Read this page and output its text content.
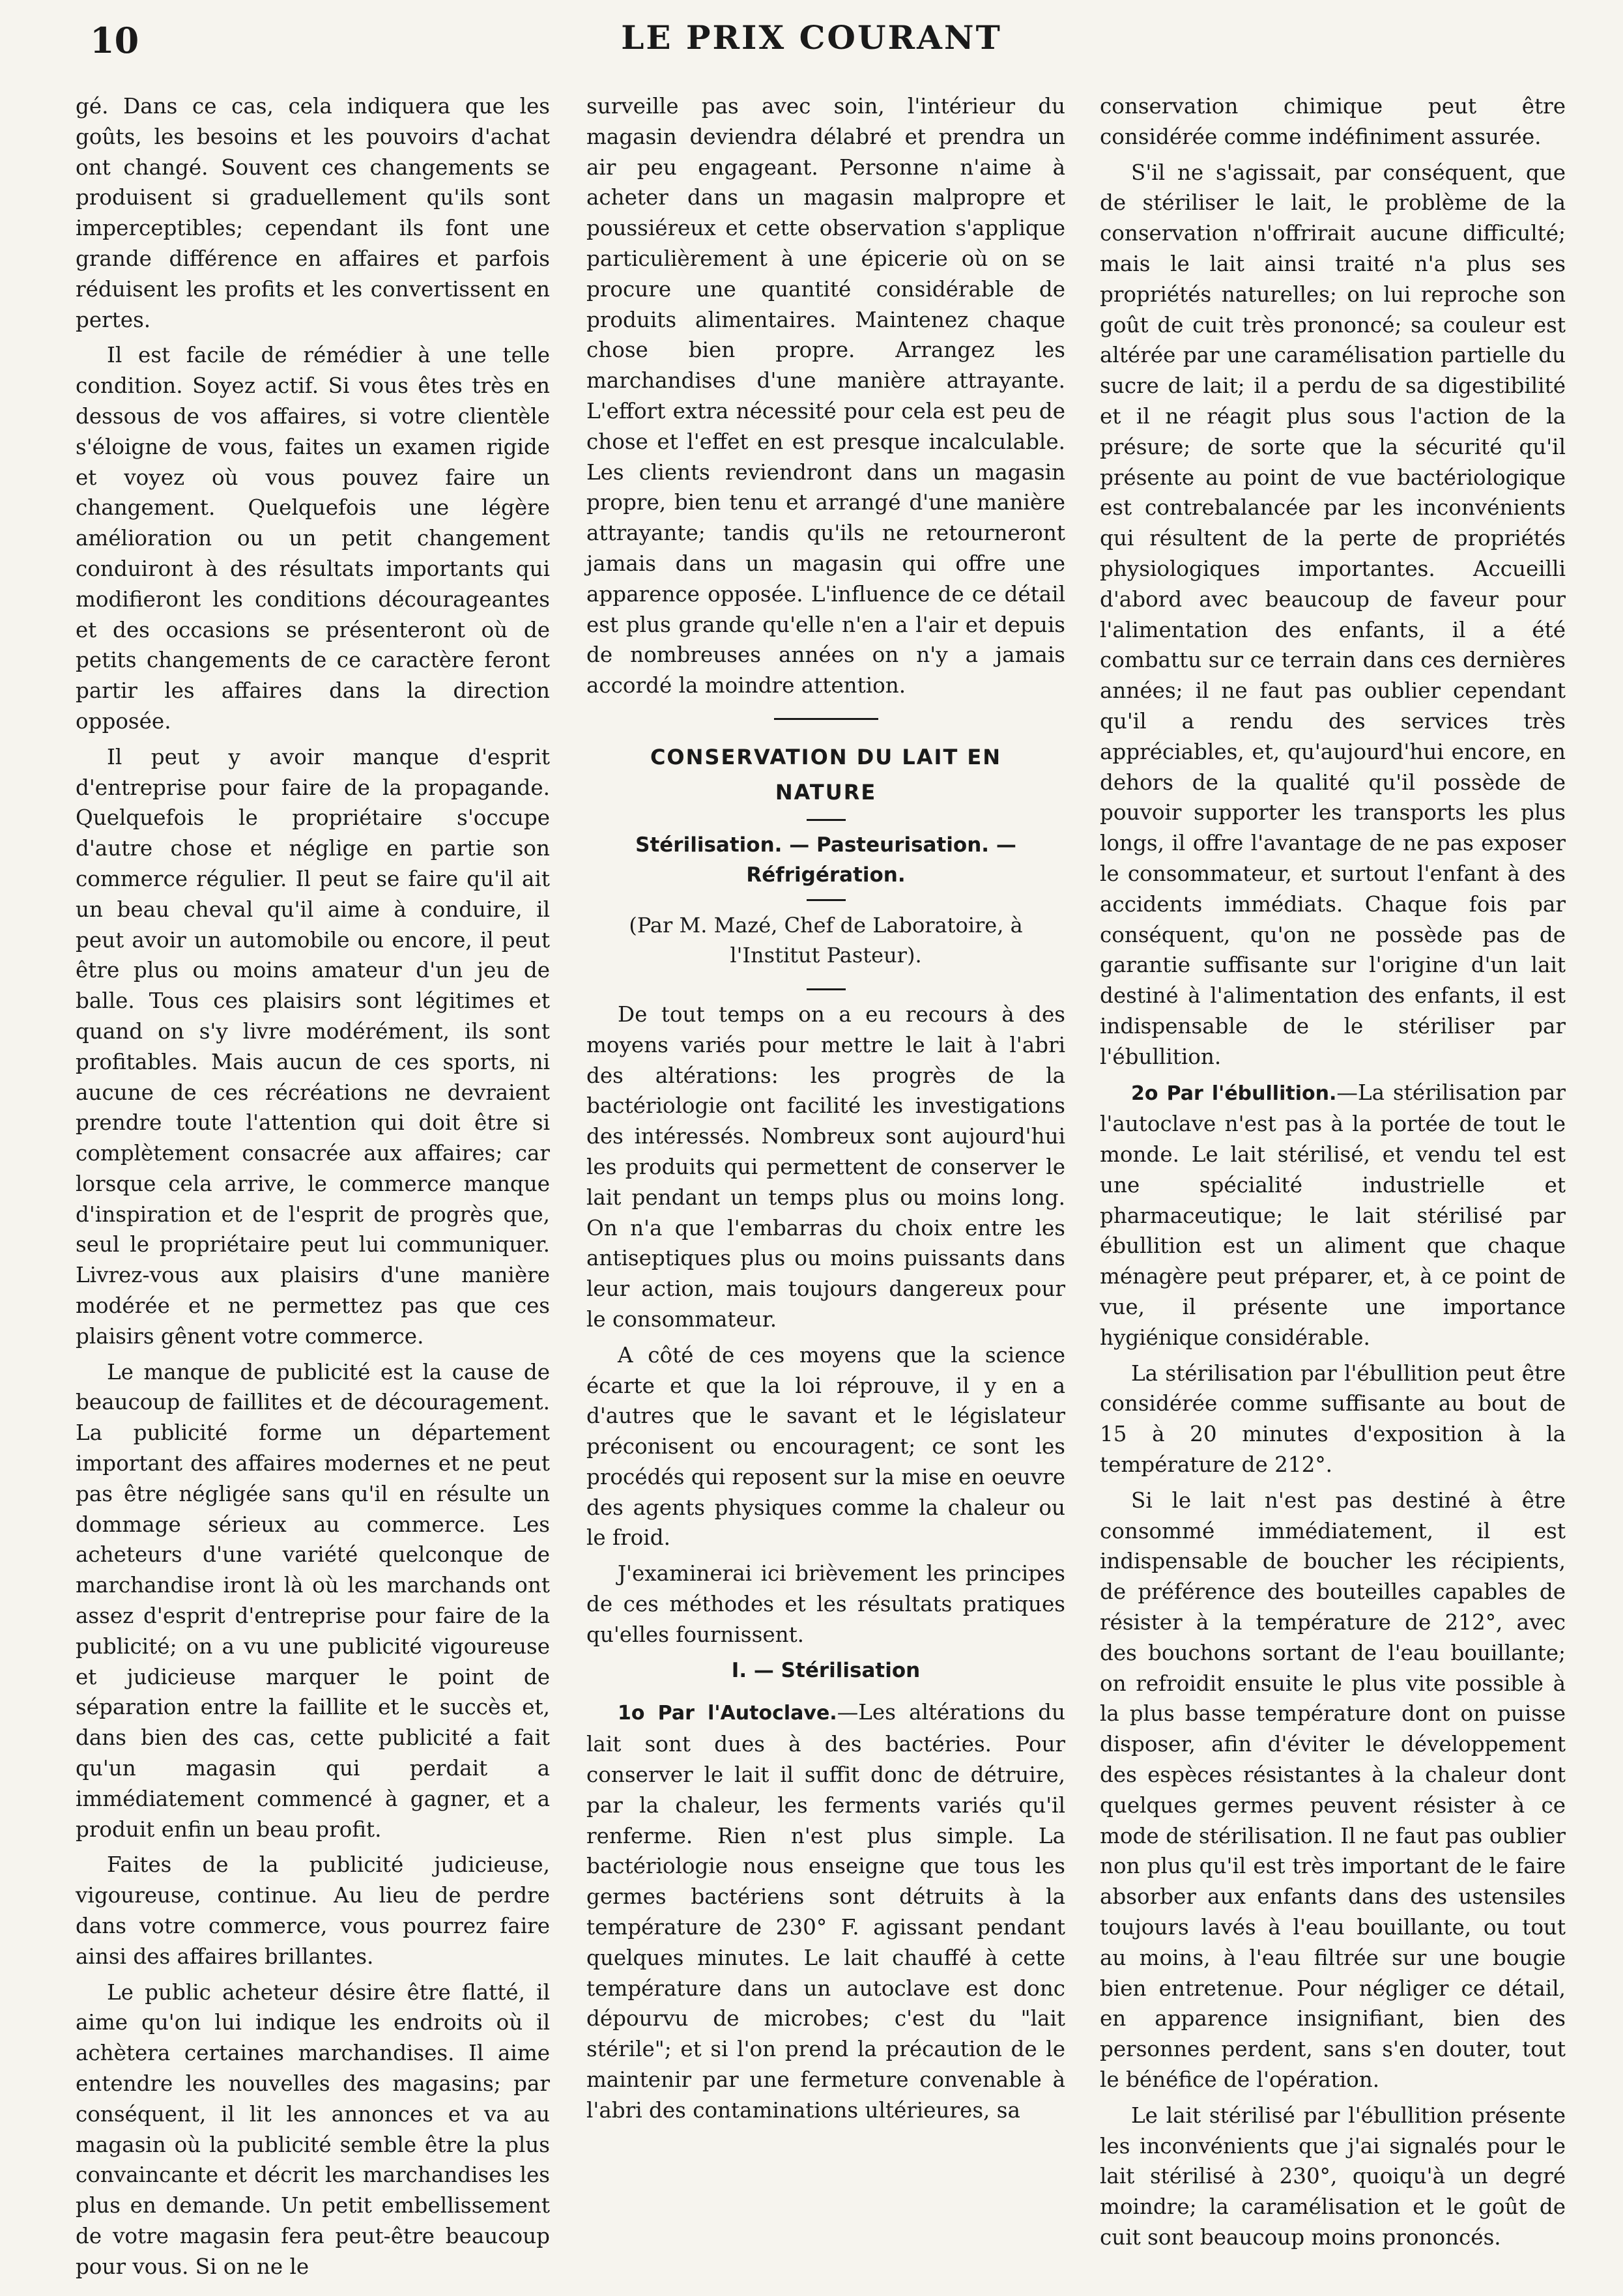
10	LE PRIX COURANT

gé. Dans ce cas, cela indiquera que les goûts, les besoins et les pouvoirs d'achat ont changé. Souvent ces changements se produisent si graduellement qu'ils sont imperceptibles; cependant ils font une grande différence en affaires et parfois réduisent les profits et les convertissent en pertes.

Il est facile de rémédier à une telle condition. Soyez actif. Si vous êtes très en dessous de vos affaires, si votre clientèle s'éloigne de vous, faites un examen rigide et voyez où vous pouvez faire un changement. Quelquefois une légère amélioration ou un petit changement conduiront à des résultats importants qui modifieront les conditions décourageantes et des occasions se présenteront où de petits changements de ce caractère feront partir les affaires dans la direction opposée.

Il peut y avoir manque d'esprit d'entreprise pour faire de la propagande. Quelquefois le propriétaire s'occupe d'autre chose et néglige en partie son commerce régulier. Il peut se faire qu'il ait un beau cheval qu'il aime à conduire, il peut avoir un automobile ou encore, il peut être plus ou moins amateur d'un jeu de balle. Tous ces plaisirs sont légitimes et quand on s'y livre modérément, ils sont profitables. Mais aucun de ces sports, ni aucune de ces récréations ne devraient prendre toute l'attention qui doit être si complètement consacrée aux affaires; car lorsque cela arrive, le commerce manque d'inspiration et de l'esprit de progrès que, seul le propriétaire peut lui communiquer. Livrez-vous aux plaisirs d'une manière modérée et ne permettez pas que ces plaisirs gênent votre commerce.

Le manque de publicité est la cause de beaucoup de faillites et de découragement. La publicité forme un département important des affaires modernes et ne peut pas être négligée sans qu'il en résulte un dommage sérieux au commerce. Les acheteurs d'une variété quelconque de marchandise iront là où les marchands ont assez d'esprit d'entreprise pour faire de la publicité; on a vu une publicité vigoureuse et judicieuse marquer le point de séparation entre la faillite et le succès et, dans bien des cas, cette publicité a fait qu'un magasin qui perdait a immédiatement commencé à gagner, et a produit enfin un beau profit.

Faites de la publicité judicieuse, vigoureuse, continue. Au lieu de perdre dans votre commerce, vous pourrez faire ainsi des affaires brillantes.

Le public acheteur désire être flatté, il aime qu'on lui indique les endroits où il achètera certaines marchandises. Il aime entendre les nouvelles des magasins; par conséquent, il lit les annonces et va au magasin où la publicité semble être la plus convaincante et décrit les marchandises les plus en demande. Un petit embellissement de votre magasin fera peut-être beaucoup pour vous. Si on ne le

surveille pas avec soin, l'intérieur du magasin deviendra délabré et prendra un air peu engageant. Personne n'aime à acheter dans un magasin malpropre et poussiéreux et cette observation s'applique particulièrement à une épicerie où on se procure une quantité considérable de produits alimentaires. Maintenez chaque chose bien propre. Arrangez les marchandises d'une manière attrayante. L'effort extra nécessité pour cela est peu de chose et l'effet en est presque incalculable. Les clients reviendront dans un magasin propre, bien tenu et arrangé d'une manière attrayante; tandis qu'ils ne retourneront jamais dans un magasin qui offre une apparence opposée. L'influence de ce détail est plus grande qu'elle n'en a l'air et depuis de nombreuses années on n'y a jamais accordé la moindre attention.

CONSERVATION DU LAIT EN NATURE
Stérilisation. — Pasteurisation. — Réfrigération.
(Par M. Mazé, Chef de Laboratoire, à l'Institut Pasteur).

De tout temps on a eu recours à des moyens variés pour mettre le lait à l'abri des altérations: les progrès de la bactériologie ont facilité les investigations des intéressés. Nombreux sont aujourd'hui les produits qui permettent de conserver le lait pendant un temps plus ou moins long. On n'a que l'embarras du choix entre les antiseptiques plus ou moins puissants dans leur action, mais toujours dangereux pour le consommateur.

A côté de ces moyens que la science écarte et que la loi réprouve, il y en a d'autres que le savant et le législateur préconisent ou encouragent; ce sont les procédés qui reposent sur la mise en oeuvre des agents physiques comme la chaleur ou le froid.

J'examinerai ici brièvement les principes de ces méthodes et les résultats pratiques qu'elles fournissent.

I. — Stérilisation

1o Par l'Autoclave.—Les altérations du lait sont dues à des bactéries. Pour conserver le lait il suffit donc de détruire, par la chaleur, les ferments variés qu'il renferme. Rien n'est plus simple. La bactériologie nous enseigne que tous les germes bactériens sont détruits à la température de 230° F. agissant pendant quelques minutes. Le lait chauffé à cette température dans un autoclave est donc dépourvu de microbes; c'est du "lait stérile"; et si l'on prend la précaution de le maintenir par une fermeture convenable à l'abri des contaminations ultérieures, sa

conservation chimique peut être considérée comme indéfiniment assurée.

S'il ne s'agissait, par conséquent, que de stériliser le lait, le problème de la conservation n'offrirait aucune difficulté; mais le lait ainsi traité n'a plus ses propriétés naturelles; on lui reproche son goût de cuit très prononcé; sa couleur est altérée par une caramélisation partielle du sucre de lait; il a perdu de sa digestibilité et il ne réagit plus sous l'action de la présure; de sorte que la sécurité qu'il présente au point de vue bactériologique est contrebalancée par les inconvénients qui résultent de la perte de propriétés physiologiques importantes. Accueilli d'abord avec beaucoup de faveur pour l'alimentation des enfants, il a été combattu sur ce terrain dans ces dernières années; il ne faut pas oublier cependant qu'il a rendu des services très appréciables, et, qu'aujourd'hui encore, en dehors de la qualité qu'il possède de pouvoir supporter les transports les plus longs, il offre l'avantage de ne pas exposer le consommateur, et surtout l'enfant à des accidents immédiats. Chaque fois par conséquent, qu'on ne possède pas de garantie suffisante sur l'origine d'un lait destiné à l'alimentation des enfants, il est indispensable de le stériliser par l'ébullition.

2o Par l'ébullition.—La stérilisation par l'autoclave n'est pas à la portée de tout le monde. Le lait stérilisé, et vendu tel est une spécialité industrielle et pharmaceutique; le lait stérilisé par ébullition est un aliment que chaque ménagère peut préparer, et, à ce point de vue, il présente une importance hygiénique considérable.

La stérilisation par l'ébullition peut être considérée comme suffisante au bout de 15 à 20 minutes d'exposition à la température de 212°.

Si le lait n'est pas destiné à être consommé immédiatement, il est indispensable de boucher les récipients, de préférence des bouteilles capables de résister à la température de 212°, avec des bouchons sortant de l'eau bouillante; on refroidit ensuite le plus vite possible à la plus basse température dont on puisse disposer, afin d'éviter le développement des espèces résistantes à la chaleur dont quelques germes peuvent résister à ce mode de stérilisation. Il ne faut pas oublier non plus qu'il est très important de le faire absorber aux enfants dans des ustensiles toujours lavés à l'eau bouillante, ou tout au moins, à l'eau filtrée sur une bougie bien entretenue. Pour négliger ce détail, en apparence insignifiant, bien des personnes perdent, sans s'en douter, tout le bénéfice de l'opération.

Le lait stérilisé par l'ébullition présente les inconvénients que j'ai signalés pour le lait stérilisé à 230°, quoiqu'à un degré moindre; la caramélisation et le goût de cuit sont beaucoup moins prononcés.
